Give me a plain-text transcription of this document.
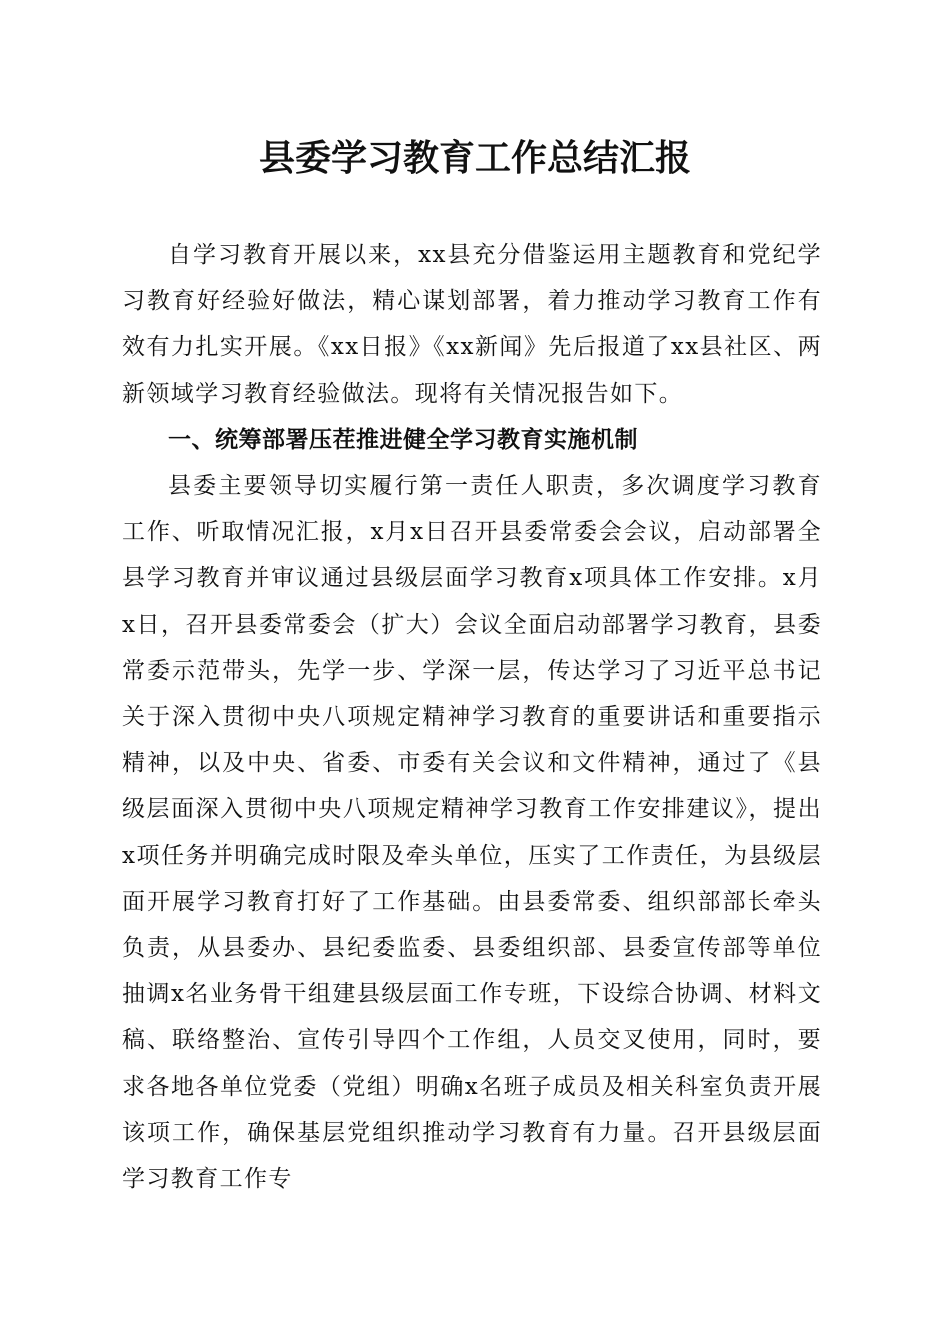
县委学习教育工作总结汇报

自学习教育开展以来，xx县充分借鉴运用主题教育和党纪学习教育好经验好做法，精心谋划部署，着力推动学习教育工作有效有力扎实开展。《xx日报》《xx新闻》先后报道了xx县社区、两新领域学习教育经验做法。现将有关情况报告如下。

一、统筹部署压茬推进健全学习教育实施机制

县委主要领导切实履行第一责任人职责，多次调度学习教育工作、听取情况汇报，x月x日召开县委常委会会议，启动部署全县学习教育并审议通过县级层面学习教育x项具体工作安排。x月x日，召开县委常委会（扩大）会议全面启动部署学习教育，县委常委示范带头，先学一步、学深一层，传达学习了习近平总书记关于深入贯彻中央八项规定精神学习教育的重要讲话和重要指示精神，以及中央、省委、市委有关会议和文件精神，通过了《县级层面深入贯彻中央八项规定精神学习教育工作安排建议》，提出x项任务并明确完成时限及牵头单位，压实了工作责任，为县级层面开展学习教育打好了工作基础。由县委常委、组织部部长牵头负责，从县委办、县纪委监委、县委组织部、县委宣传部等单位抽调x名业务骨干组建县级层面工作专班，下设综合协调、材料文稿、联络整治、宣传引导四个工作组，人员交叉使用，同时，要求各地各单位党委（党组）明确x名班子成员及相关科室负责开展该项工作，确保基层党组织推动学习教育有力量。召开县级层面学习教育工作专
